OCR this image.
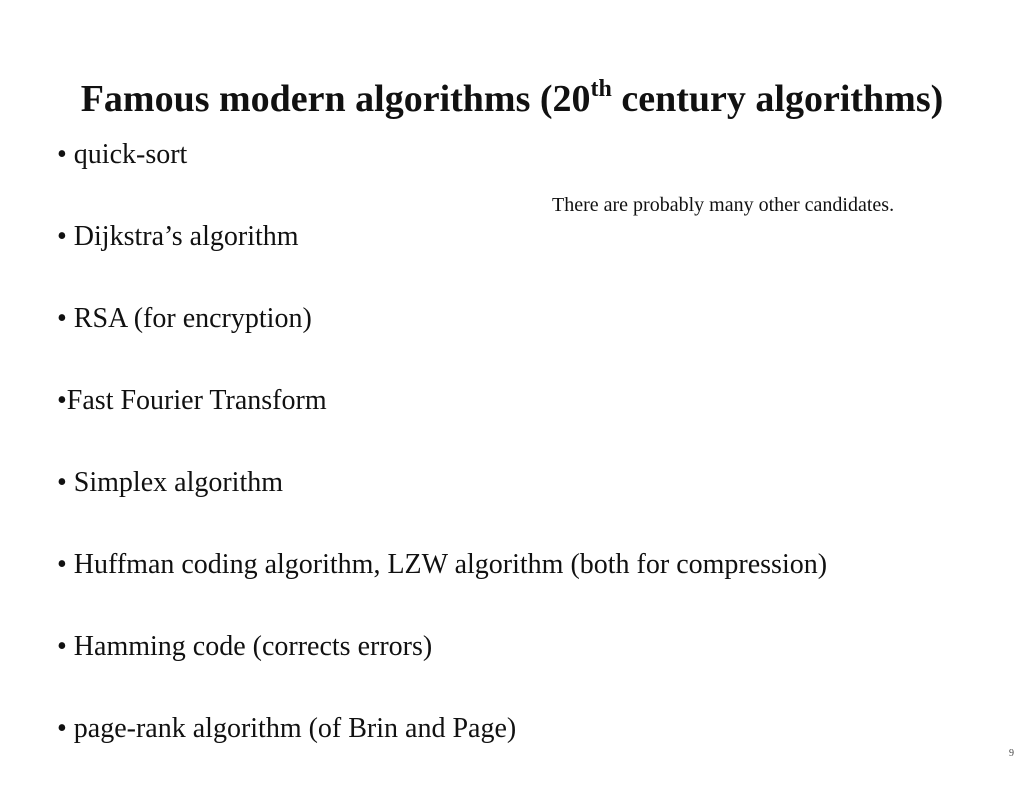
Famous modern algorithms (20th century algorithms)
• quick-sort
• Dijkstra’s algorithm
• RSA (for encryption)
•Fast Fourier Transform
• Simplex algorithm
• Huffman coding algorithm, LZW algorithm (both for compression)
• Hamming code (corrects errors)
• page-rank algorithm (of Brin and Page)
There are probably many other candidates.
9
